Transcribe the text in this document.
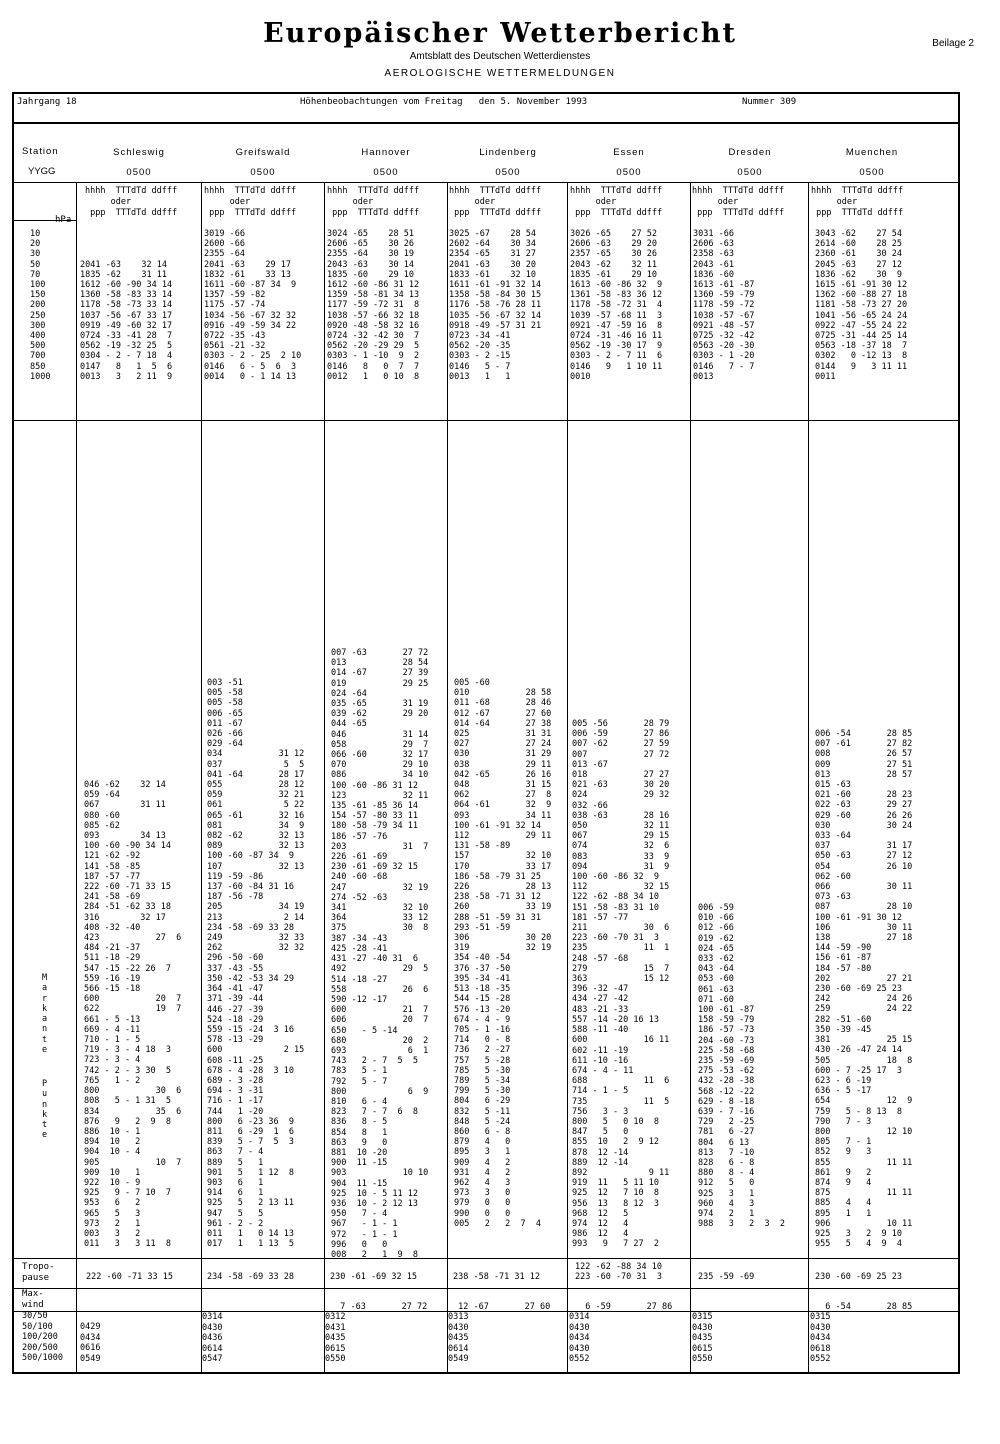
Europäischer Wetterbericht
Amtsblatt des Deutschen Wetterdienstes
AEROLOGISCHE WETTERMELDUNGEN
Beilage 2
Jahrgang 18	Höhenbeobachtungen vom Freitag   den 5. November 1993	Nummer 309
Station
YYGG
hPa
10
20
30
50
70
100
150
200
250
300
400
500
700
850
1000
M
a
r
k
a
n
t
e
P
u
n
k
t
e
Tropo-
pause
Max-
wind
30/50
50/100
100/200
200/500
500/1000
Schleswig
0500
hhhh  TTTdTd ddfff
oder
ppp  TTTdTd ddfff

2041 -63    32 14
1835 -62    31 11
1612 -60 -90 34 14
1360 -58 -83 33 14
1178 -58 -73 33 14
1037 -56 -67 33 17
0919 -49 -60 32 17
0724 -33 -41 28  7
0562 -19 -32 25  5
0304 - 2 - 7 18  4
0147   8   1  5  6
0013   3   2 11  9
046 -62    32 14
059 -64
067        31 11
080 -60
085 -62
093        34 13
100 -60 -90 34 14
121 -62 -92
141 -58 -85
187 -57 -77
222 -60 -71 33 15
241 -58 -69
284 -51 -62 33 18
316        32 17
408 -32 -40
423           27  6
484 -21 -37
511 -18 -29
547 -15 -22 26  7
559 -16 -19
566 -15 -18
600           20  7
622           19  7
661 - 5 -13
669 - 4 -11
710 - 1 - 5
719 - 3 - 4 18  3
723 - 3 - 4
742 - 2 - 3 30  5
765   1 - 2
800           30  6
808   5 - 1 31  5
834           35  6
876   9   2  9  8
886  10 - 1
894  10   2
904  10 - 4
905           10  7
909  10   1
922  10 - 9
925   9 - 7 10  7
953   6   2
965   5   3
973   2   1
003   3   2
011   3   3 11  8
222 -60 -71 33 15
0429
0434
0616
0549
Greifswald
0500
hhhh  TTTdTd ddfff
oder
ppp  TTTdTd ddfff
3019 -66
2600 -66
2355 -64
2041 -63    29 17
1832 -61    33 13
1611 -60 -87 34  9
1357 -59 -82
1175 -57 -74
1034 -56 -67 32 32
0916 -49 -59 34 22
0722 -35 -43
0561 -21 -32
0303 - 2 - 25  2 10
0146   6 - 5  6  3
0014   0 - 1 14 13
003 -51
005 -58
005 -58
006 -65
011 -67
026 -66
029 -64
034           31 12
037            5  5
041 -64       28 17
055           28 12
059           32 21
061            5 22
065 -61       32 16
081           34  9
082 -62       32 13
089           32 13
100 -60 -87 34  9
107           32 13
119 -59 -86
137 -60 -84 31 16
187 -56 -78
205           34 19
213            2 14
234 -58 -69 33 28
249           32 33
262           32 32
296 -50 -60
337 -43 -55
350 -42 -53 34 29
364 -41 -47
371 -39 -44
446 -27 -39
524 -18 -29
559 -15 -24  3 16
578 -13 -29
600            2 15
608 -11 -25
678 - 4 -28  3 10
689 - 3 -28
694 - 3 -31
716 - 1 -17
744   1 -20
800   6 -23 36  9
811   6 -29  1  6
839   5 - 7  5  3
863   7 - 4
889   5   1
901   5   1 12  8
903   6   1
914   6   1
925   5   2 13 11
947   5   5
961 - 2 - 2
011   1   0 14 13
017   1   1 13  5
234 -58 -69 33 28
0314
0430
0436
0614
0547
Hannover
0500
hhhh  TTTdTd ddfff
oder
ppp  TTTdTd ddfff
3024 -65    28 51
2606 -65    30 26
2355 -64    30 19
2043 -63    30 14
1835 -60    29 10
1612 -60 -86 31 12
1359 -58 -81 34 13
1177 -59 -72 31  8
1038 -57 -66 32 18
0920 -48 -58 32 16
0724 -32 -42 30  7
0562 -20 -29 29  5
0303 - 1 -10  9  2
0146   8   0  7  7
0012   1   0 10  8
007 -63       27 72
013           28 54
014 -67       27 39
019           29 25
024 -64
035 -65       31 19
039 -62       29 20
044 -65
046           31 14
058           29  7
066 -60       32 17
070           29 10
086           34 10
100 -60 -86 31 12
123           32 11
135 -61 -85 36 14
154 -57 -80 33 11
180 -58 -79 34 11
186 -57 -76
203           31  7
226 -61 -69
230 -61 -69 32 15
240 -60 -68
247           32 19
274 -52 -63
341           32 10
364           33 12
375           30  8
387 -34 -43
425 -28 -41
431 -27 -40 31  6
492           29  5
514 -18 -27
558           26  6
590 -12 -17
600           21  7
606           20  7
650   - 5 -14
680           20  2
693            6  1
743   2 - 7  5  5
783   5 - 1
792   5 - 7
800            6  9
810   6 - 4
823   7 - 7  6  8
836   8 - 5
854   8   1
863   9   0
881  10 -20
900  11 -15
903           10 10
904  11 -15
925  10 - 5 11 12
936  10 - 2 12 13
950   7 - 4
967   - 1 - 1
972   - 1 - 1
996   0   0
008   2   1  9  8
230 -61 -69 32 15
7 -63       27 72
0312
0431
0435
0615
0550
Lindenberg
0500
hhhh  TTTdTd ddfff
oder
ppp  TTTdTd ddfff
3025 -67    28 54
2602 -64    30 34
2354 -65    31 27
2041 -63    30 20
1833 -61    32 10
1611 -61 -91 32 14
1358 -58 -84 30 15
1176 -58 -76 28 11
1035 -56 -67 32 14
0918 -49 -57 31 21
0723 -34 -41
0562 -20 -35
0303 - 2 -15
0146   5 - 7
0013   1   1
005 -60
010           28 58
011 -68       28 46
012 -67       27 60
014 -64       27 38
025           31 31
027           27 24
030           31 29
038           29 11
042 -65       26 16
048           31 15
062           27  8
064 -61       32  9
093           34 11
100 -61 -91 32 14
112           29 11
131 -58 -89
157           32 10
170           33 17
186 -58 -79 31 25
226           28 13
238 -58 -71 31 12
260           33 19
288 -51 -59 31 31
293 -51 -59
306           30 20
319           32 19
354 -40 -54
376 -37 -50
395 -34 -41
513 -18 -35
544 -15 -28
576 -13 -20
674 - 4 - 9
705 - 1 -16
714   0 - 8
736   2 -27
757   5 -28
785   5 -30
789   5 -34
799   5 -30
804   6 -29
832   5 -11
848   5 -24
860   6 - 8
879   4   0
895   3   1
909   4   2
931   4   2
962   4   3
973   3   0
979   0   0
990   0   0
005   2   2  7  4
238 -58 -71 31 12
12 -67       27 60
0313
0430
0435
0614
0549
Essen
0500
hhhh  TTTdTd ddfff
oder
ppp  TTTdTd ddfff
3026 -65    27 52
2606 -63    29 20
2357 -65    30 26
2043 -62    32 11
1835 -61    29 10
1613 -60 -86 32  9
1361 -58 -83 36 12
1178 -58 -72 31  4
1039 -57 -68 11  3
0921 -47 -59 16  8
0724 -31 -46 16 11
0562 -19 -30 17  9
0303 - 2 - 7 11  6
0146   9   1 10 11
0010
005 -56       28 79
006 -59       27 86
007 -62       27 59
007           27 72
013 -67
018           27 27
021 -63       30 20
024           29 32
032 -66
038 -63       28 16
050           32 11
067           29 15
074           32  6
083           33  9
094           31  9
100 -60 -86 32  9
112           32 15
122 -62 -88 34 10
151 -58 -83 31 10
181 -57 -77
211           30  6
223 -60 -70 31  3
235           11  1
248 -57 -68
279           15  7
363           15 12
396 -32 -47
434 -27 -42
483 -21 -33
557 -14 -20 16 13
588 -11 -40
600           16 11
602 -11 -19
611 -10 -16
674 - 4 - 11
688           11  6
714 - 1 - 5
735           11  5
756   3 - 3
800   5   0 10  8
847   5   0
855  10   2  9 12
878  12 -14
889  12 -14
892            9 11
919  11   5 11 10
925  12   7 10  8
956  13   8 12  3
968  12   5
974  12   4
986  12   4
993   9   7 27  2
122 -62 -88 34 10
223 -60 -70 31  3
6 -59       27 86
0314
0430
0434
0430
0552
Dresden
0500
hhhh  TTTdTd ddfff
oder
ppp  TTTdTd ddfff
3031 -66
2606 -63
2358 -63
2043 -61
1836 -60
1613 -61 -87
1360 -59 -79
1178 -59 -72
1038 -57 -67
0921 -48 -57
0725 -32 -42
0563 -20 -30
0303 - 1 -20
0146   7 - 7
0013
006 -59
010 -66
012 -66
019 -62
024 -65
033 -62
043 -64
053 -60
061 -63
071 -60
100 -61 -87
158 -59 -79
186 -57 -73
204 -60 -73
225 -58 -68
235 -59 -69
275 -53 -62
432 -28 -38
568 -12 -22
629 - 8 -18
639 - 7 -16
729   2 -25
781   6 -27
804   6 13
813   7 -10
828   6 - 8
880   8 - 4
912   5   0
925   3   1
960   4   3
974   2   1
988   3   2  3  2
235 -59 -69
0315
0430
0435
0615
0550
Muenchen
0500
hhhh  TTTdTd ddfff
oder
ppp  TTTdTd ddfff
3043 -62    27 54
2614 -60    28 25
2360 -61    30 24
2045 -63    27 12
1836 -62    30  9
1615 -61 -91 30 12
1362 -60 -88 27 18
1181 -58 -73 27 20
1041 -56 -65 24 24
0922 -47 -55 24 22
0725 -31 -44 25 14
0563 -18 -37 18  7
0302   0 -12 13  8
0144   9   3 11 11
0011
006 -54       28 85
007 -61       27 82
008           26 57
009           27 51
013           28 57
015 -63
021 -60       28 23
022 -63       29 27
029 -60       26 26
030           30 24
033 -64
037           31 17
050 -63       27 12
054           26 10
062 -60
066           30 11
073 -63
087           28 10
100 -61 -91 30 12
106           30 11
138           27 18
144 -59 -90
156 -61 -87
184 -57 -80
202           27 21
230 -60 -69 25 23
242           24 26
259           24 22
282 -51 -60
350 -39 -45
381           25 15
430 -26 -47 24 14
505           18  8
600 - 7 -25 17  3
623 - 6 -19
636 - 5 -17
654           12  9
759   5 - 8 13  8
790   7 - 3
800           12 10
805   7 - 1
852   9   3
855           11 11
861   9   2
874   9   4
875           11 11
885   4   4
895   1   1
906           10 11
925   3   2  9 10
955   5   4  9  4
230 -60 -69 25 23
6 -54       28 85
0315
0430
0434
0618
0552
